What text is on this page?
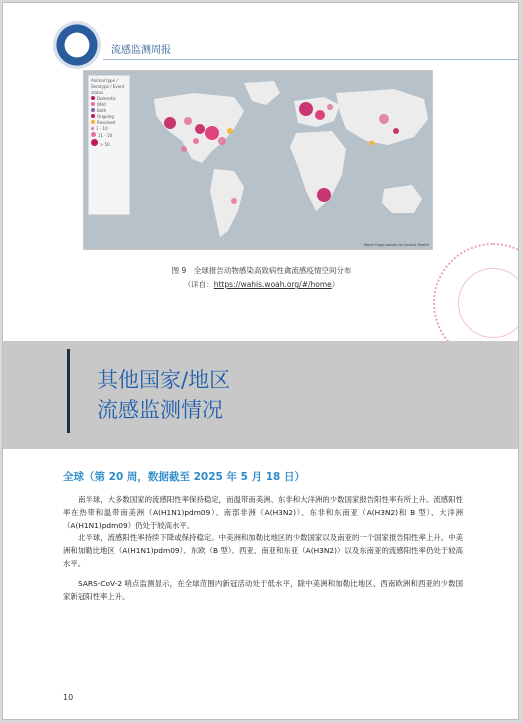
CNIC
流感监测周报
Animal type / Serotype / Event status
Domestic
Wild
Both
Ongoing
Resolved
1 - 10
11 - 50
> 50
World Organisation for Animal Health
图 9　全球报告动物感染高致病性禽流感疫情空间分布
（详自：https://wahis.woah.org/#/home）
其他国家/地区
流感监测情况
全球（第 20 周，数据截至 2025 年 5 月 18 日）

南半球，大多数国家的流感阳性率保持稳定，而温带南美洲、东非和大洋洲的少数国家报告阳性率有所上升。流感阳性率在热带和温带南美洲（A(H1N1)pdm09）、南部非洲（A(H3N2)）、东非和东南亚（A(H3N2)和 B 型）、大洋洲（A(H1N1)pdm09）仍处于较高水平。

北半球，流感阳性率持续下降或保持稳定。中美洲和加勒比地区的少数国家以及南亚的一个国家报告阳性率上升。中美洲和加勒比地区（A(H1N1)pdm09）、东欧（B 型）、西亚、南亚和东亚（A(H3N2)）以及东南亚的流感阳性率仍处于较高水平。

SARS-CoV-2 哨点监测显示，在全球范围内新冠活动处于低水平，除中美洲和加勒比地区、西南欧洲和西亚的少数国家新冠阳性率上升。

10
